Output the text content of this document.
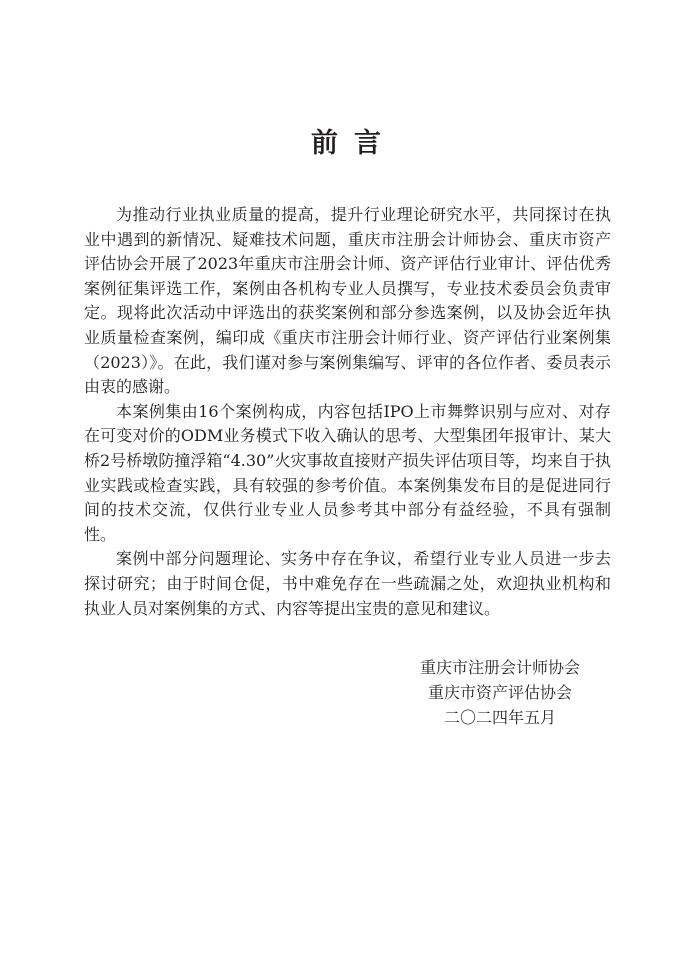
前言

为推动行业执业质量的提高，提升行业理论研究水平，共同探讨在执业中遇到的新情况、疑难技术问题，重庆市注册会计师协会、重庆市资产评估协会开展了2023年重庆市注册会计师、资产评估行业审计、评估优秀案例征集评选工作，案例由各机构专业人员撰写，专业技术委员会负责审定。现将此次活动中评选出的获奖案例和部分参选案例，以及协会近年执业质量检查案例，编印成《重庆市注册会计师行业、资产评估行业案例集（2023）》。在此，我们谨对参与案例集编写、评审的各位作者、委员表示由衷的感谢。

本案例集由16个案例构成，内容包括IPO上市舞弊识别与应对、对存在可变对价的ODM业务模式下收入确认的思考、大型集团年报审计、某大桥2号桥墩防撞浮箱“4.30”火灾事故直接财产损失评估项目等，均来自于执业实践或检查实践，具有较强的参考价值。本案例集发布目的是促进同行间的技术交流，仅供行业专业人员参考其中部分有益经验，不具有强制性。

案例中部分问题理论、实务中存在争议，希望行业专业人员进一步去探讨研究；由于时间仓促，书中难免存在一些疏漏之处，欢迎执业机构和执业人员对案例集的方式、内容等提出宝贵的意见和建议。

重庆市注册会计师协会
重庆市资产评估协会
二〇二四年五月
